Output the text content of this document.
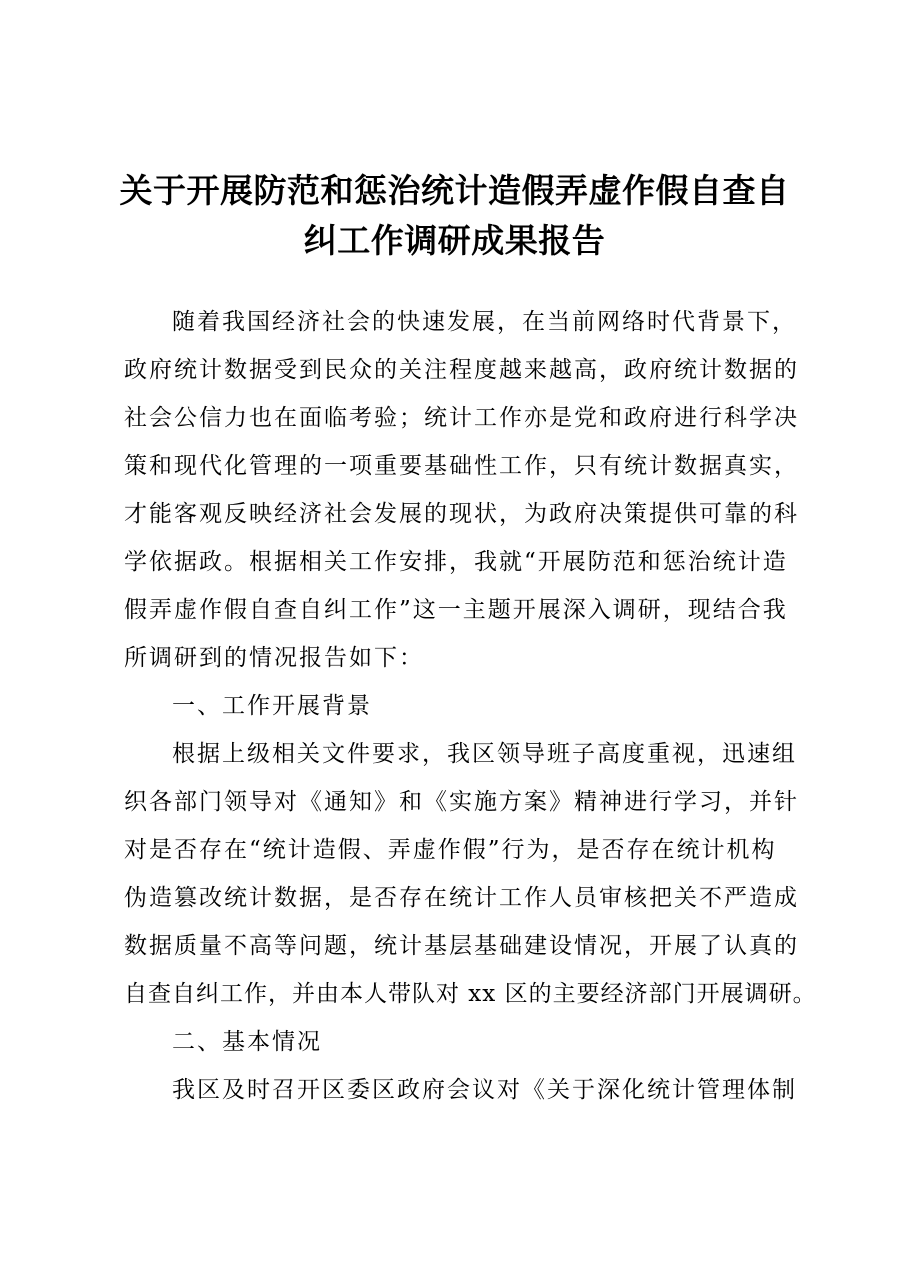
关于开展防范和惩治统计造假弄虚作假自查自
纠工作调研成果报告
随着我国经济社会的快速发展，在当前网络时代背景下，
政府统计数据受到民众的关注程度越来越高，政府统计数据的
社会公信力也在面临考验；统计工作亦是党和政府进行科学决
策和现代化管理的一项重要基础性工作，只有统计数据真实，
才能客观反映经济社会发展的现状，为政府决策提供可靠的科
学依据政。根据相关工作安排，我就“开展防范和惩治统计造
假弄虚作假自查自纠工作”这一主题开展深入调研，现结合我
所调研到的情况报告如下：
一、工作开展背景
根据上级相关文件要求，我区领导班子高度重视，迅速组
织各部门领导对《通知》和《实施方案》精神进行学习，并针
对是否存在“统计造假、弄虚作假”行为，是否存在统计机构
伪造篡改统计数据，是否存在统计工作人员审核把关不严造成
数据质量不高等问题，统计基层基础建设情况，开展了认真的
自查自纠工作，并由本人带队对 xx 区的主要经济部门开展调研。
二、基本情况
我区及时召开区委区政府会议对《关于深化统计管理体制
